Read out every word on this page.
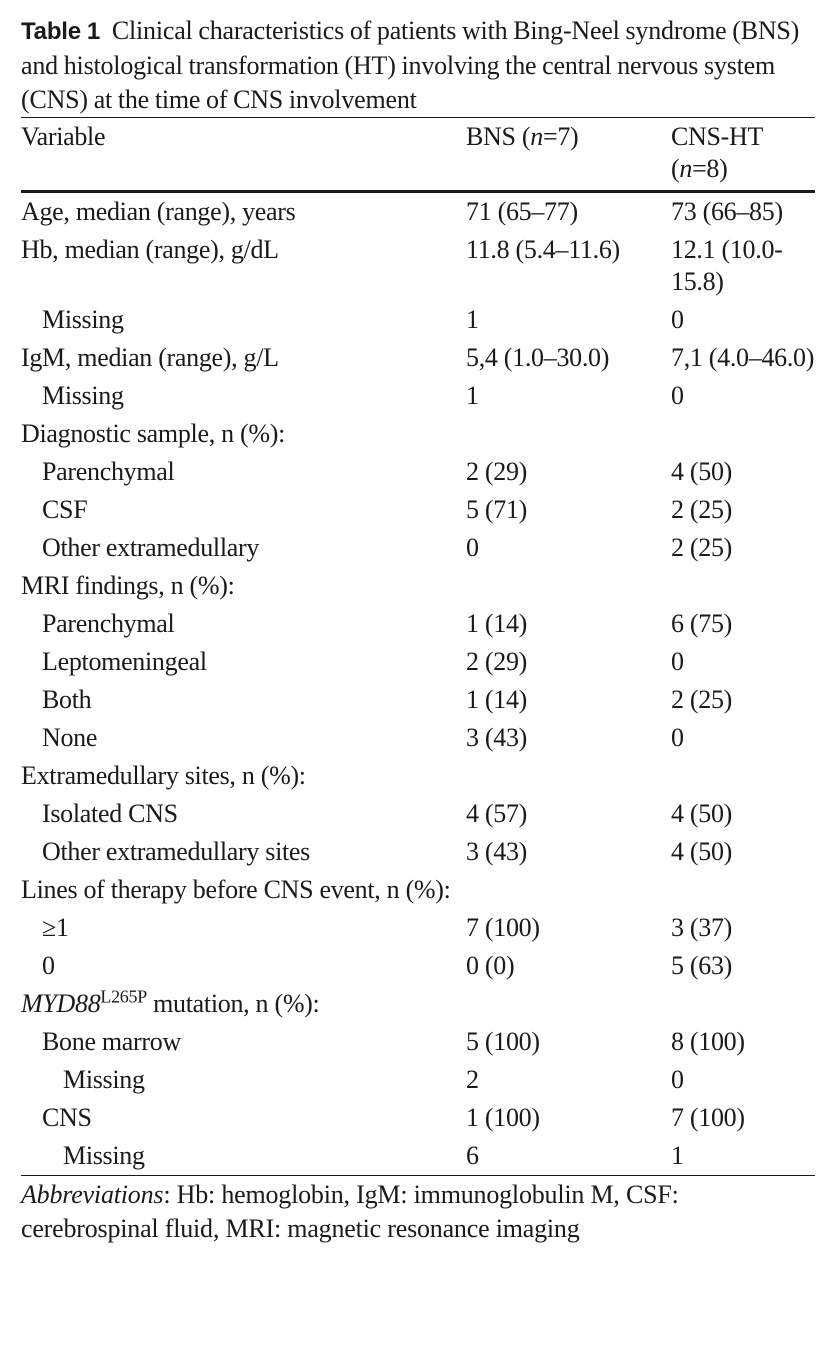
Table 1 Clinical characteristics of patients with Bing-Neel syndrome (BNS) and histological transformation (HT) involving the central nervous system (CNS) at the time of CNS involvement
Variable	BNS (n=7)	CNS-HT
(n=8)
Age, median (range), years	71 (65–77)	73 (66–85)
Hb, median (range), g/dL	11.8 (5.4–11.6)	12.1 (10.0-15.8)
Missing	1	0
IgM, median (range), g/L	5,4 (1.0–30.0)	7,1 (4.0–46.0)
Missing	1	0
Diagnostic sample, n (%):		
Parenchymal	2 (29)	4 (50)
CSF	5 (71)	2 (25)
Other extramedullary	0	2 (25)
MRI findings, n (%):		
Parenchymal	1 (14)	6 (75)
Leptomeningeal	2 (29)	0
Both	1 (14)	2 (25)
None	3 (43)	0
Extramedullary sites, n (%):		
Isolated CNS	4 (57)	4 (50)
Other extramedullary sites	3 (43)	4 (50)
Lines of therapy before CNS event, n (%):		
≥1	7 (100)	3 (37)
0	0 (0)	5 (63)
$MYD88^{L265P}$ mutation, n (%):		
Bone marrow	5 (100)	8 (100)
Missing	2	0
CNS	1 (100)	7 (100)
Missing	6	1
Abbreviations: Hb: hemoglobin, IgM: immunoglobulin M, CSF: cerebrospinal fluid, MRI: magnetic resonance imaging
